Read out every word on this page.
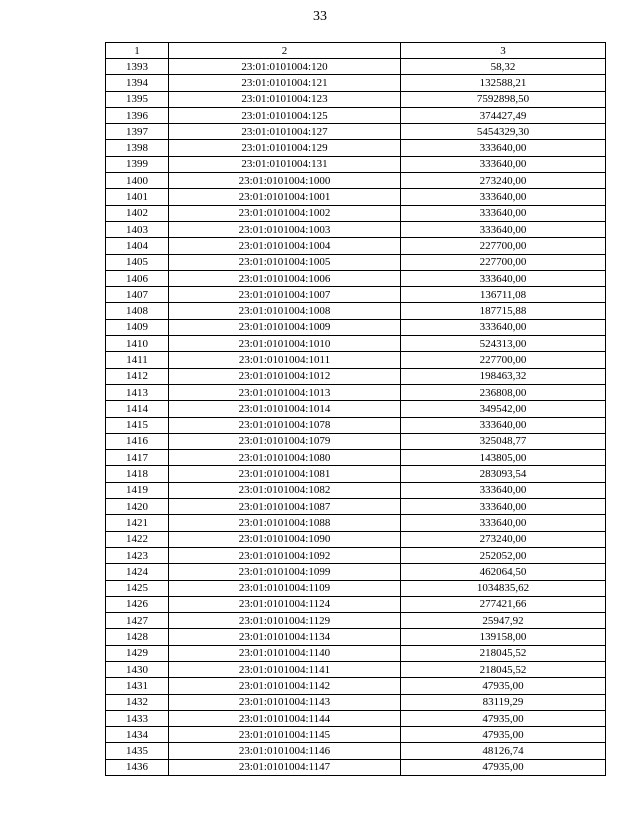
33
1	2	3
1393	23:01:0101004:120	58,32
1394	23:01:0101004:121	132588,21
1395	23:01:0101004:123	7592898,50
1396	23:01:0101004:125	374427,49
1397	23:01:0101004:127	5454329,30
1398	23:01:0101004:129	333640,00
1399	23:01:0101004:131	333640,00
1400	23:01:0101004:1000	273240,00
1401	23:01:0101004:1001	333640,00
1402	23:01:0101004:1002	333640,00
1403	23:01:0101004:1003	333640,00
1404	23:01:0101004:1004	227700,00
1405	23:01:0101004:1005	227700,00
1406	23:01:0101004:1006	333640,00
1407	23:01:0101004:1007	136711,08
1408	23:01:0101004:1008	187715,88
1409	23:01:0101004:1009	333640,00
1410	23:01:0101004:1010	524313,00
1411	23:01:0101004:1011	227700,00
1412	23:01:0101004:1012	198463,32
1413	23:01:0101004:1013	236808,00
1414	23:01:0101004:1014	349542,00
1415	23:01:0101004:1078	333640,00
1416	23:01:0101004:1079	325048,77
1417	23:01:0101004:1080	143805,00
1418	23:01:0101004:1081	283093,54
1419	23:01:0101004:1082	333640,00
1420	23:01:0101004:1087	333640,00
1421	23:01:0101004:1088	333640,00
1422	23:01:0101004:1090	273240,00
1423	23:01:0101004:1092	252052,00
1424	23:01:0101004:1099	462064,50
1425	23:01:0101004:1109	1034835,62
1426	23:01:0101004:1124	277421,66
1427	23:01:0101004:1129	25947,92
1428	23:01:0101004:1134	139158,00
1429	23:01:0101004:1140	218045,52
1430	23:01:0101004:1141	218045,52
1431	23:01:0101004:1142	47935,00
1432	23:01:0101004:1143	83119,29
1433	23:01:0101004:1144	47935,00
1434	23:01:0101004:1145	47935,00
1435	23:01:0101004:1146	48126,74
1436	23:01:0101004:1147	47935,00
